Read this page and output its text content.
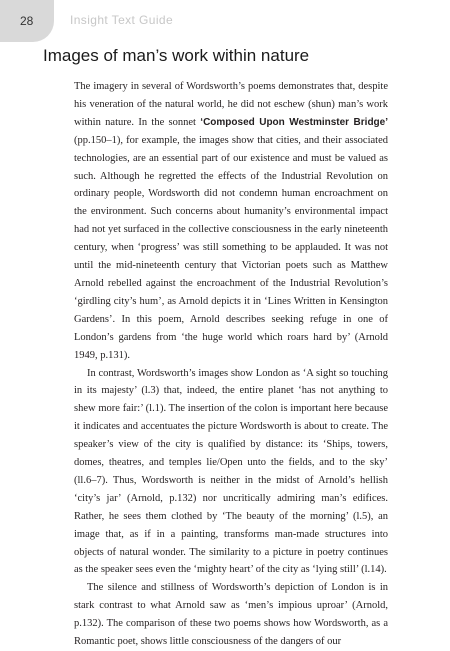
28	Insight Text Guide
Images of man’s work within nature

The imagery in several of Wordsworth’s poems demonstrates that, despite his veneration of the natural world, he did not eschew (shun) man’s work within nature. In the sonnet ‘Composed Upon Westminster Bridge’ (pp.150–1), for example, the images show that cities, and their associated technologies, are an essential part of our existence and must be valued as such. Although he regretted the effects of the Industrial Revolution on ordinary people, Wordsworth did not condemn human encroachment on the environment. Such concerns about humanity’s environmental impact had not yet surfaced in the collective consciousness in the early nineteenth century, when ‘progress’ was still something to be applauded. It was not until the mid-nineteenth century that Victorian poets such as Matthew Arnold rebelled against the encroachment of the Industrial Revolution’s ‘girdling city’s hum’, as Arnold depicts it in ‘Lines Written in Kensington Gardens’. In this poem, Arnold describes seeking refuge in one of London’s gardens from ‘the huge world which roars hard by’ (Arnold 1949, p.131).

In contrast, Wordsworth’s images show London as ‘A sight so touching in its majesty’ (l.3) that, indeed, the entire planet ‘has not anything to shew more fair:’ (l.1). The insertion of the colon is important here because it indicates and accentuates the picture Wordsworth is about to create. The speaker’s view of the city is qualified by distance: its ‘Ships, towers, domes, theatres, and temples lie/Open unto the fields, and to the sky’ (ll.6–7). Thus, Wordsworth is neither in the midst of Arnold’s hellish ‘city’s jar’ (Arnold, p.132) nor uncritically admiring man’s edifices. Rather, he sees them clothed by ‘The beauty of the morning’ (l.5), an image that, as if in a painting, transforms man-made structures into objects of natural wonder. The similarity to a picture in poetry continues as the speaker sees even the ‘mighty heart’ of the city as ‘lying still’ (l.14).

The silence and stillness of Wordsworth’s depiction of London is in stark contrast to what Arnold saw as ‘men’s impious uproar’ (Arnold, p.132). The comparison of these two poems shows how Wordsworth, as a Romantic poet, shows little consciousness of the dangers of our
